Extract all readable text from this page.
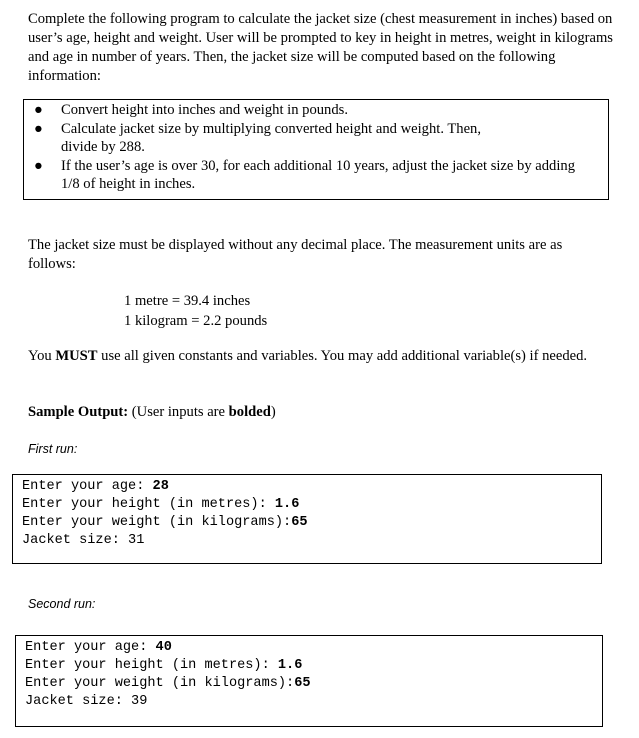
Complete the following program to calculate the jacket size (chest measurement in inches) based on user’s age, height and weight. User will be prompted to key in height in metres, weight in kilograms and age in number of years. Then, the jacket size will be computed based on the following information:
● Convert height into inches and weight in pounds.
● Calculate jacket size by multiplying converted height and weight. Then, divide by 288.
● If the user’s age is over 30, for each additional 10 years, adjust the jacket size by adding 1/8 of height in inches.
The jacket size must be displayed without any decimal place. The measurement units are as follows:
1 metre = 39.4 inches
1 kilogram = 2.2 pounds
You MUST use all given constants and variables. You may add additional variable(s) if needed.
Sample Output: (User inputs are bolded)
First run:
Enter your age: 28
Enter your height (in metres): 1.6
Enter your weight (in kilograms):65
Jacket size: 31
Second run:
Enter your age: 40
Enter your height (in metres): 1.6
Enter your weight (in kilograms):65
Jacket size: 39
